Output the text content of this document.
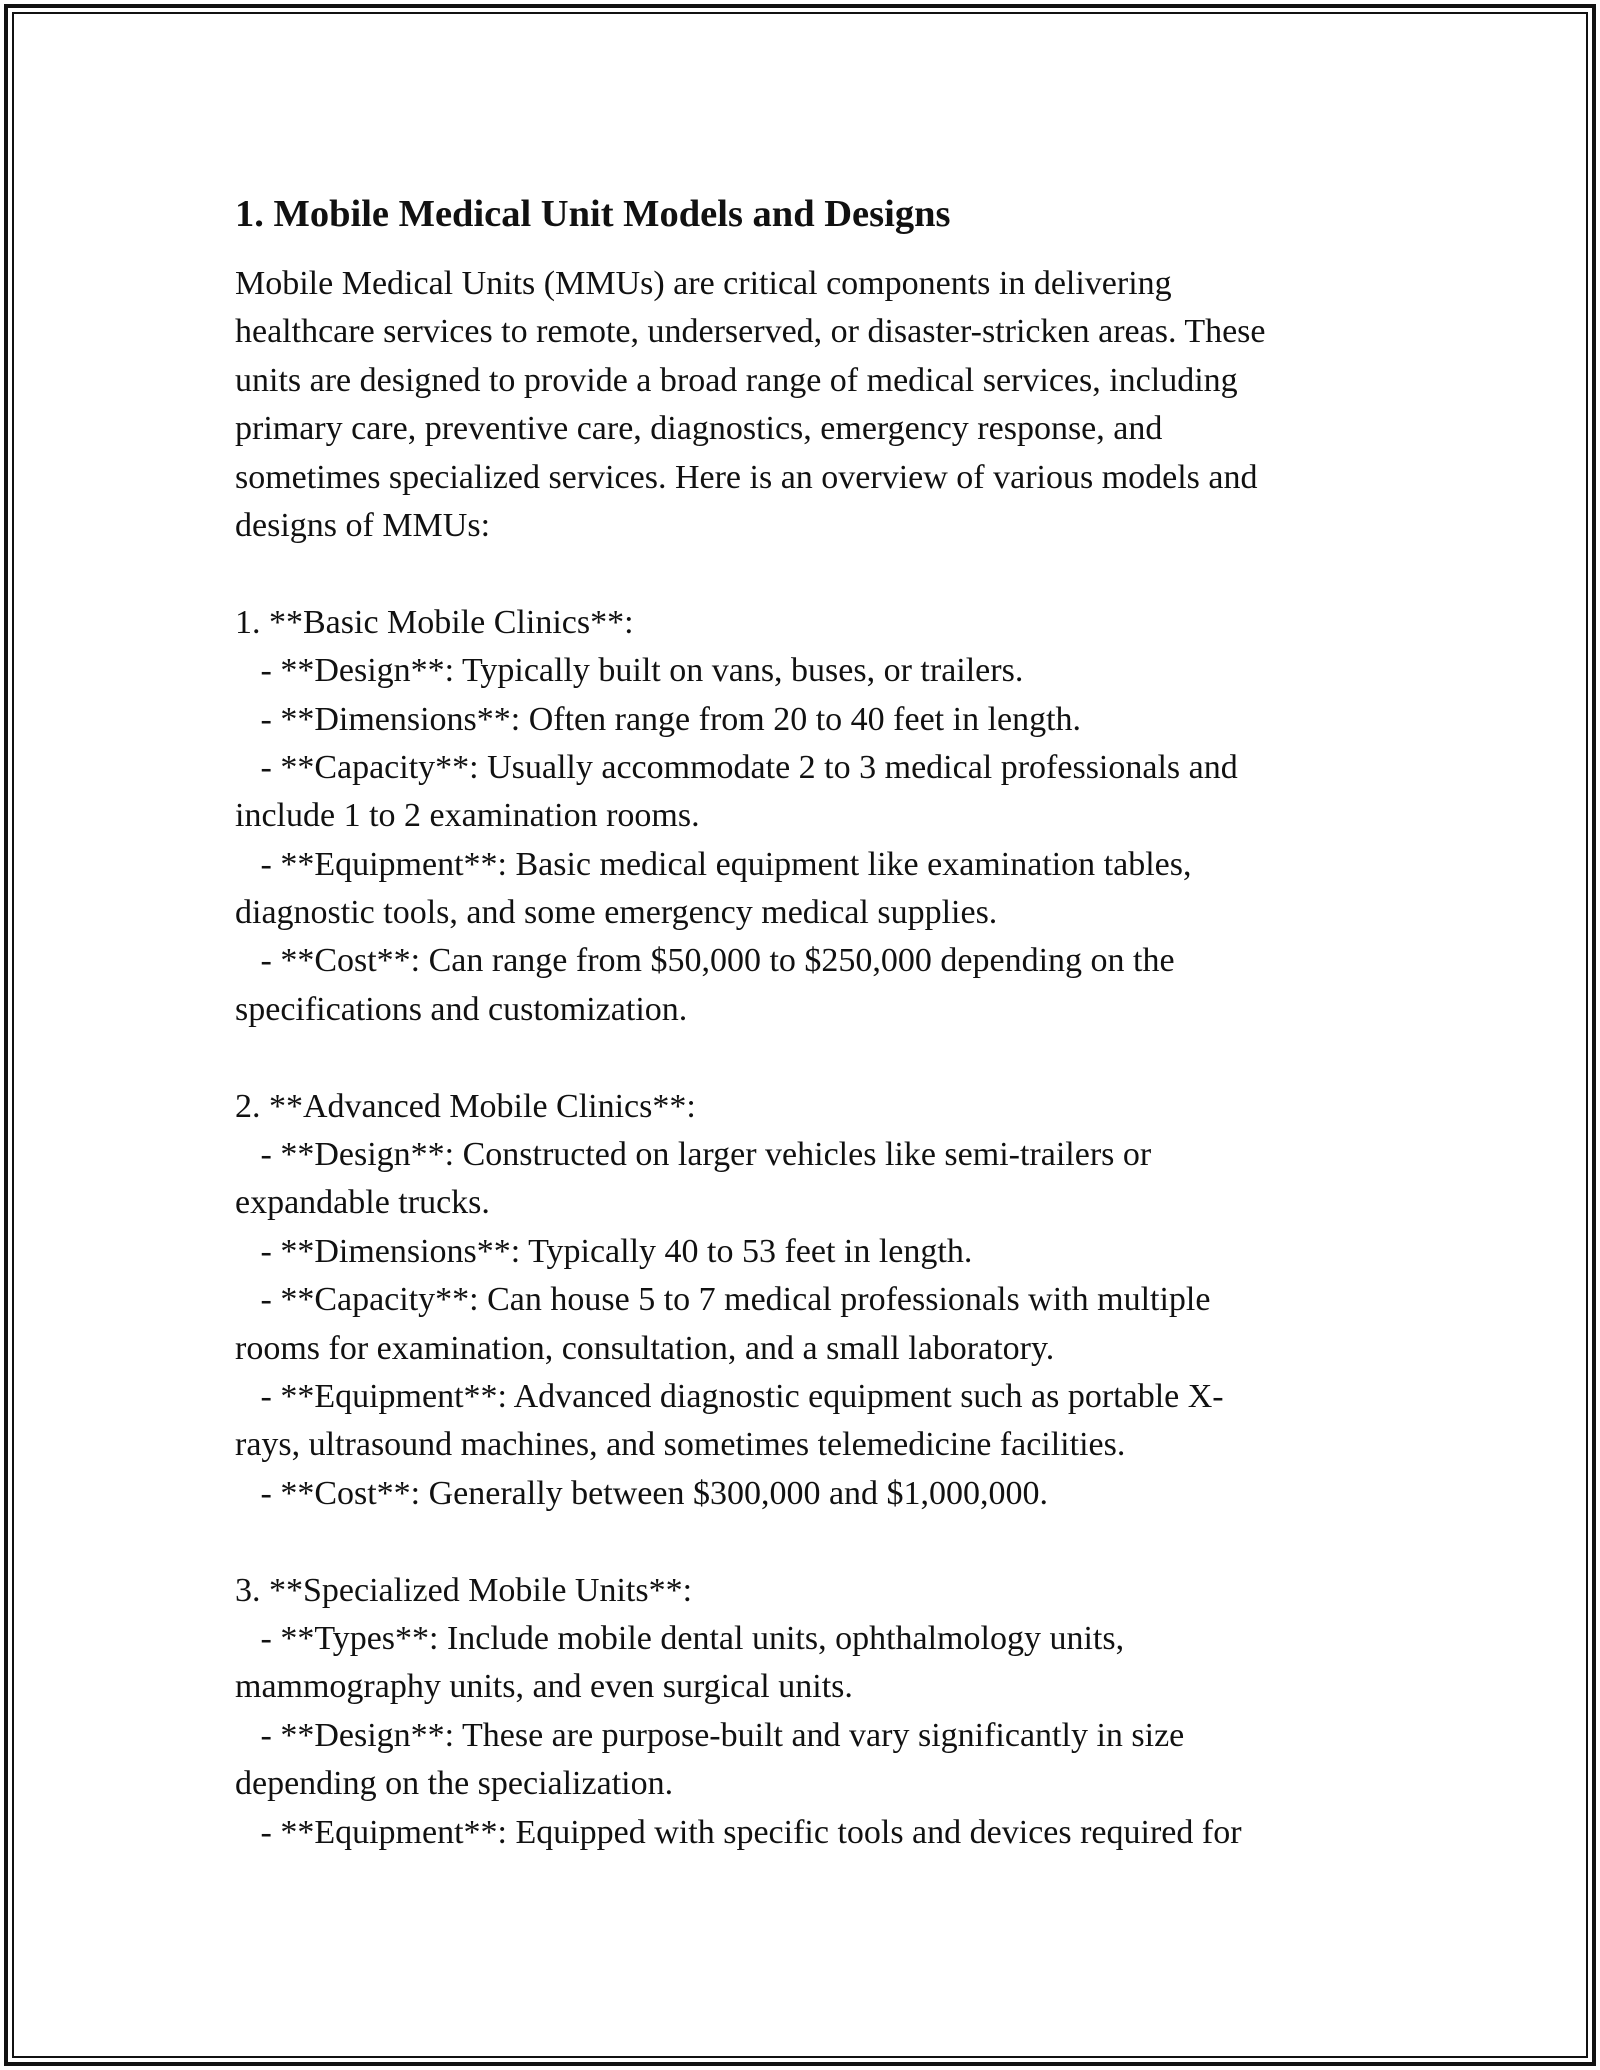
1. Mobile Medical Unit Models and Designs
Mobile Medical Units (MMUs) are critical components in delivering
healthcare services to remote, underserved, or disaster-stricken areas. These
units are designed to provide a broad range of medical services, including
primary care, preventive care, diagnostics, emergency response, and
sometimes specialized services. Here is an overview of various models and
designs of MMUs:
1. **Basic Mobile Clinics**:
- **Design**: Typically built on vans, buses, or trailers.
- **Dimensions**: Often range from 20 to 40 feet in length.
- **Capacity**: Usually accommodate 2 to 3 medical professionals and
include 1 to 2 examination rooms.
- **Equipment**: Basic medical equipment like examination tables,
diagnostic tools, and some emergency medical supplies.
- **Cost**: Can range from $50,000 to $250,000 depending on the
specifications and customization.
2. **Advanced Mobile Clinics**:
- **Design**: Constructed on larger vehicles like semi-trailers or
expandable trucks.
- **Dimensions**: Typically 40 to 53 feet in length.
- **Capacity**: Can house 5 to 7 medical professionals with multiple
rooms for examination, consultation, and a small laboratory.
- **Equipment**: Advanced diagnostic equipment such as portable X-
rays, ultrasound machines, and sometimes telemedicine facilities.
- **Cost**: Generally between $300,000 and $1,000,000.
3. **Specialized Mobile Units**:
- **Types**: Include mobile dental units, ophthalmology units,
mammography units, and even surgical units.
- **Design**: These are purpose-built and vary significantly in size
depending on the specialization.
- **Equipment**: Equipped with specific tools and devices required for
